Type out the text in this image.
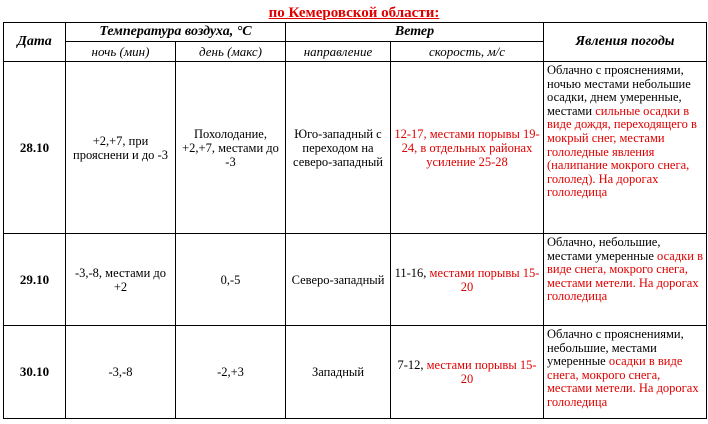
по Кемеровской области:
Дата	Температура воздуха, °С		Ветер		Явления погоды
	ночь (мин)	день (макс)	направление	скорость, м/с	
28.10	+2,+7, при прояснени и до -3	Похолодание, +2,+7, местами до -3	Юго-западный с переходом на северо-западный	12-17, местами порывы 19-24, в отдельных районах усиление 25-28	Облачно с прояснениями, ночью местами небольшие осадки, днем умеренные, местами сильные осадки в виде дождя, переходящего в мокрый снег, местами гололедные явления (налипание мокрого снега, гололед). На дорогах гололедица
29.10	-3,-8, местами до +2	0,-5	Северо-западный	11-16, местами порывы 15-20	Облачно, небольшие, местами умеренные осадки в виде снега, мокрого снега, местами метели. На дорогах гололедица
30.10	-3,-8	-2,+3	Западный	7-12, местами порывы 15-20	Облачно с прояснениями, небольшие, местами умеренные осадки в виде снега, мокрого снега, местами метели. На дорогах гололедица
